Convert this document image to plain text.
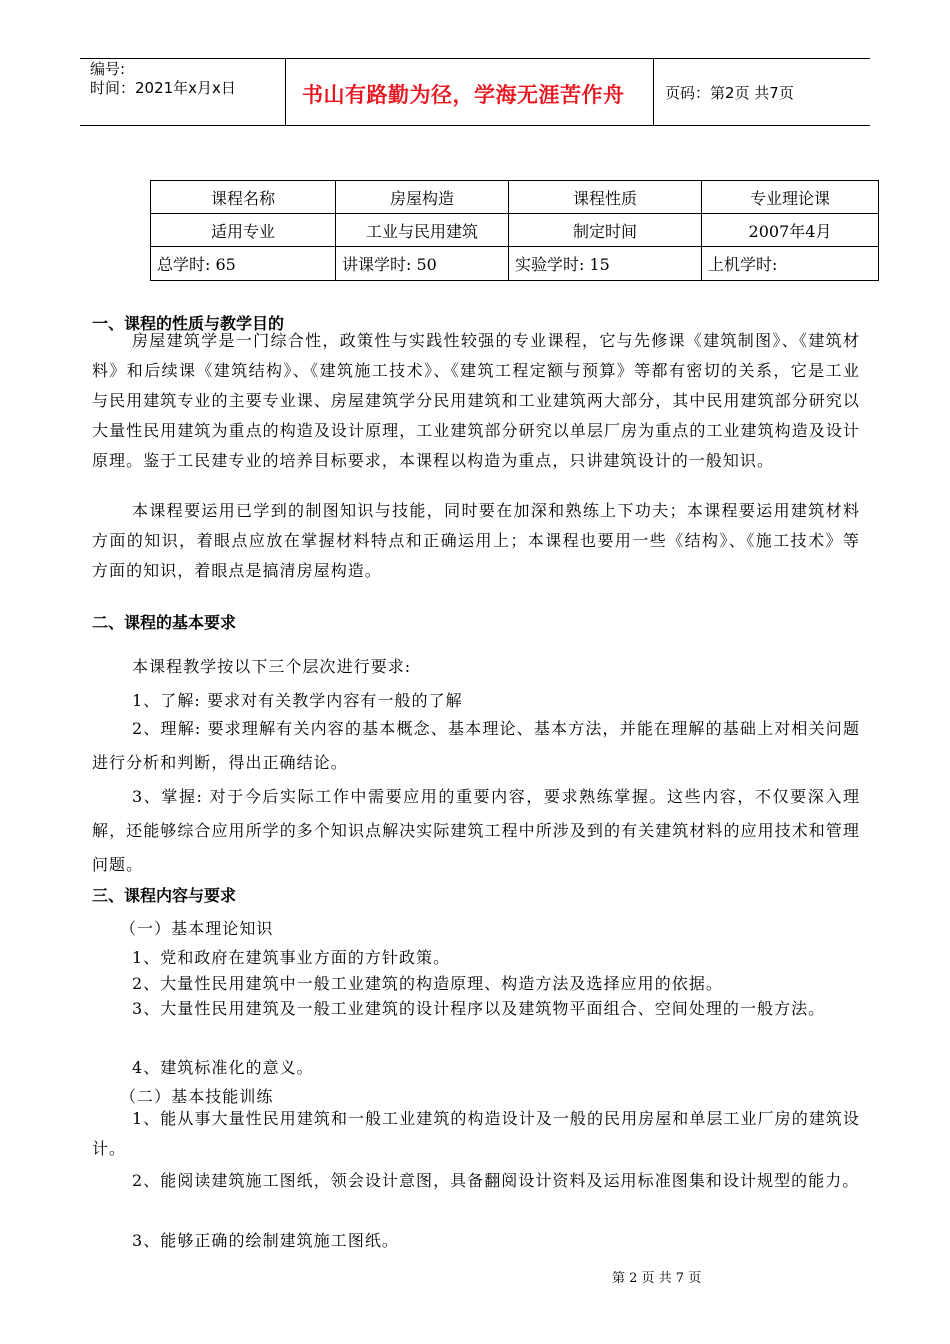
编号:
时间：2021年x月x日	书山有路勤为径，学海无涯苦作舟	页码：第2页 共7页
课程名称	房屋构造	课程性质	专业理论课
适用专业	工业与民用建筑	制定时间	2007年4月
总学时: 65	讲课学时: 50	实验学时: 15	上机学时:
一、课程的性质与教学目的

房屋建筑学是一门综合性，政策性与实践性较强的专业课程，它与先修课《建筑制图》、《建筑材料》和后续课《建筑结构》、《建筑施工技术》、《建筑工程定额与预算》等都有密切的关系，它是工业与民用建筑专业的主要专业课、房屋建筑学分民用建筑和工业建筑两大部分，其中民用建筑部分研究以大量性民用建筑为重点的构造及设计原理，工业建筑部分研究以单层厂房为重点的工业建筑构造及设计原理。鉴于工民建专业的培养目标要求，本课程以构造为重点，只讲建筑设计的一般知识。

本课程要运用已学到的制图知识与技能，同时要在加深和熟练上下功夫；本课程要运用建筑材料方面的知识，着眼点应放在掌握材料特点和正确运用上；本课程也要用一些《结构》、《施工技术》等方面的知识，着眼点是搞清房屋构造。

二、课程的基本要求
本课程教学按以下三个层次进行要求:
1、了解: 要求对有关教学内容有一般的了解

2、理解: 要求理解有关内容的基本概念、基本理论、基本方法，并能在理解的基础上对相关问题进行分析和判断，得出正确结论。

3、掌握: 对于今后实际工作中需要应用的重要内容，要求熟练掌握。这些内容，不仅要深入理解，还能够综合应用所学的多个知识点解决实际建筑工程中所涉及到的有关建筑材料的应用技术和管理问题。

三、课程内容与要求
（一）基本理论知识
1、党和政府在建筑事业方面的方针政策。
2、大量性民用建筑中一般工业建筑的构造原理、构造方法及选择应用的依据。

3、大量性民用建筑及一般工业建筑的设计程序以及建筑物平面组合、空间处理的一般方法。

4、建筑标准化的意义。
（二）基本技能训练

1、能从事大量性民用建筑和一般工业建筑的构造设计及一般的民用房屋和单层工业厂房的建筑设计。

2、能阅读建筑施工图纸，领会设计意图，具备翻阅设计资料及运用标准图集和设计规型的能力。

3、能够正确的绘制建筑施工图纸。
第 2 页 共 7 页
